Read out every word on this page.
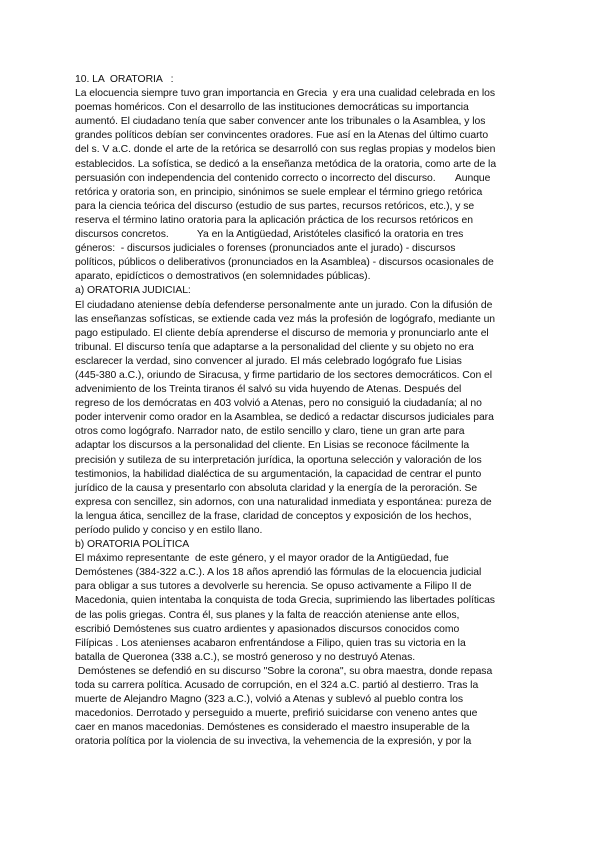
10. LA  ORATORIA   :
La elocuencia siempre tuvo gran importancia en Grecia  y era una cualidad celebrada en los
poemas homéricos. Con el desarrollo de las instituciones democráticas su importancia
aumentó. El ciudadano tenía que saber convencer ante los tribunales o la Asamblea, y los
grandes políticos debían ser convincentes oradores. Fue así en la Atenas del último cuarto
del s. V a.C. donde el arte de la retórica se desarrolló con sus reglas propias y modelos bien
establecidos. La sofística, se dedicó a la enseñanza metódica de la oratoria, como arte de la
persuasión con independencia del contenido correcto o incorrecto del discurso.       Aunque
retórica y oratoria son, en principio, sinónimos se suele emplear el término griego retórica
para la ciencia teórica del discurso (estudio de sus partes, recursos retóricos, etc.), y se
reserva el término latino oratoria para la aplicación práctica de los recursos retóricos en
discursos concretos.          Ya en la Antigüedad, Aristóteles clasificó la oratoria en tres
géneros:  - discursos judiciales o forenses (pronunciados ante el jurado) - discursos
políticos, públicos o deliberativos (pronunciados en la Asamblea) - discursos ocasionales de
aparato, epidícticos o demostrativos (en solemnidades públicas).
a) ORATORIA JUDICIAL:
El ciudadano ateniense debía defenderse personalmente ante un jurado. Con la difusión de
las enseñanzas sofísticas, se extiende cada vez más la profesión de logógrafo, mediante un
pago estipulado. El cliente debía aprenderse el discurso de memoria y pronunciarlo ante el
tribunal. El discurso tenía que adaptarse a la personalidad del cliente y su objeto no era
esclarecer la verdad, sino convencer al jurado. El más celebrado logógrafo fue Lisias
(445-380 a.C.), oriundo de Siracusa, y firme partidario de los sectores democráticos. Con el
advenimiento de los Treinta tiranos él salvó su vida huyendo de Atenas. Después del
regreso de los demócratas en 403 volvió a Atenas, pero no consiguió la ciudadanía; al no
poder intervenir como orador en la Asamblea, se dedicó a redactar discursos judiciales para
otros como logógrafo. Narrador nato, de estilo sencillo y claro, tiene un gran arte para
adaptar los discursos a la personalidad del cliente. En Lisias se reconoce fácilmente la
precisión y sutileza de su interpretación jurídica, la oportuna selección y valoración de los
testimonios, la habilidad dialéctica de su argumentación, la capacidad de centrar el punto
jurídico de la causa y presentarlo con absoluta claridad y la energía de la peroración. Se
expresa con sencillez, sin adornos, con una naturalidad inmediata y espontánea: pureza de
la lengua ática, sencillez de la frase, claridad de conceptos y exposición de los hechos,
período pulido y conciso y en estilo llano.
b) ORATORIA POLÍTICA
El máximo representante  de este género, y el mayor orador de la Antigüedad, fue
Demóstenes (384-322 a.C.). A los 18 años aprendió las fórmulas de la elocuencia judicial
para obligar a sus tutores a devolverle su herencia. Se opuso activamente a Filipo II de
Macedonia, quien intentaba la conquista de toda Grecia, suprimiendo las libertades políticas
de las polis griegas. Contra él, sus planes y la falta de reacción ateniense ante ellos,
escribió Demóstenes sus cuatro ardientes y apasionados discursos conocidos como
Filípicas . Los atenienses acabaron enfrentándose a Filipo, quien tras su victoria en la
batalla de Queronea (338 a.C.), se mostró generoso y no destruyó Atenas.
Demóstenes se defendió en su discurso "Sobre la corona", su obra maestra, donde repasa
toda su carrera política. Acusado de corrupción, en el 324 a.C. partió al destierro. Tras la
muerte de Alejandro Magno (323 a.C.), volvió a Atenas y sublevó al pueblo contra los
macedonios. Derrotado y perseguido a muerte, prefirió suicidarse con veneno antes que
caer en manos macedonias. Demóstenes es considerado el maestro insuperable de la
oratoria política por la violencia de su invectiva, la vehemencia de la expresión, y por la
